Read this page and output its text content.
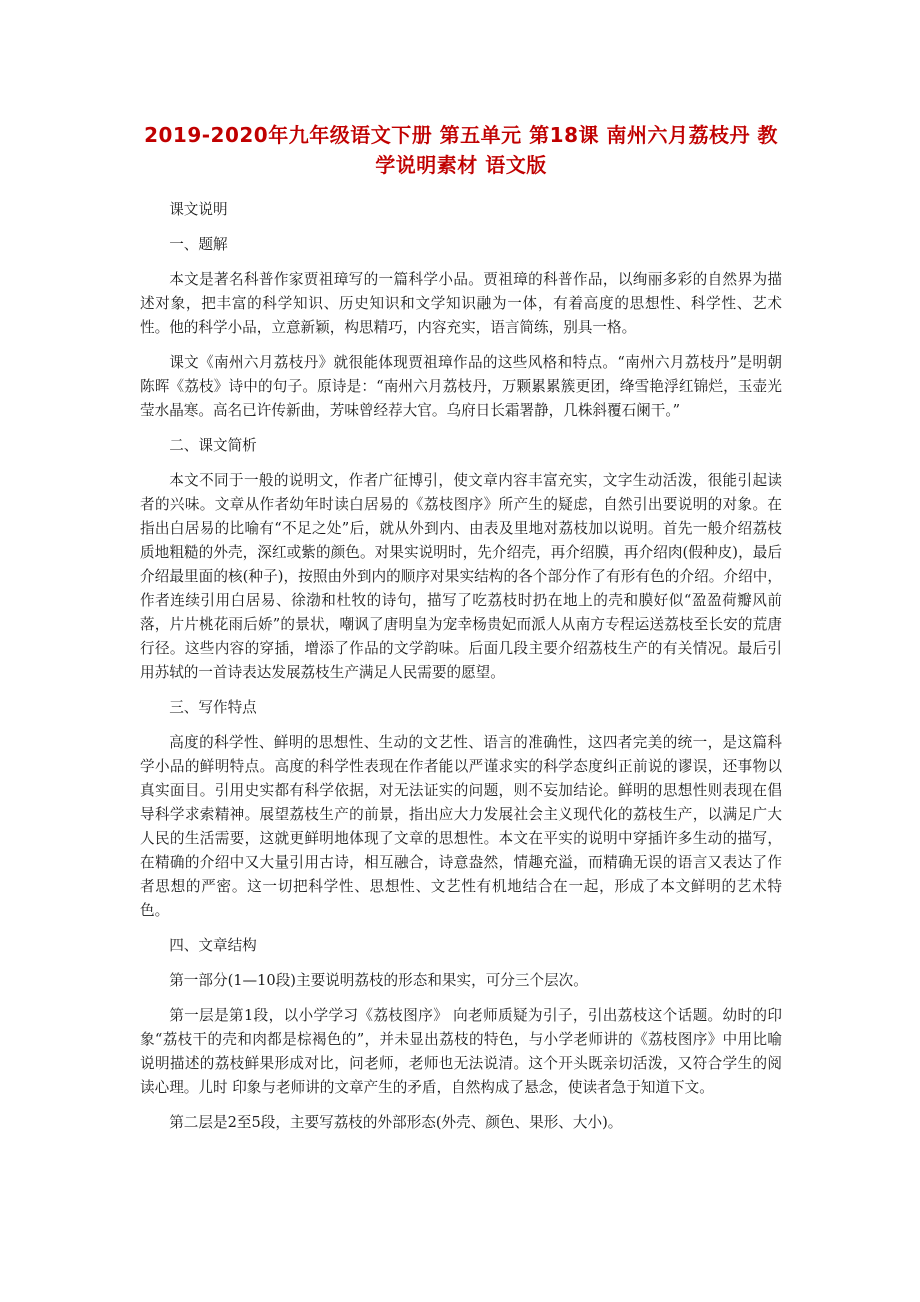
2019-2020年九年级语文下册 第五单元 第18课 南州六月荔枝丹 教学说明素材 语文版
课文说明
一、题解
本文是著名科普作家贾祖璋写的一篇科学小品。贾祖璋的科普作品，以绚丽多彩的自然界为描述对象，把丰富的科学知识、历史知识和文学知识融为一体，有着高度的思想性、科学性、艺术性。他的科学小品，立意新颖，构思精巧，内容充实，语言简练，别具一格。
课文《南州六月荔枝丹》就很能体现贾祖璋作品的这些风格和特点。“南州六月荔枝丹”是明朝陈晖《荔枝》诗中的句子。原诗是：“南州六月荔枝丹，万颗累累簇更团，绛雪艳浮红锦烂，玉壶光莹水晶寒。高名已许传新曲，芳味曾经荐大官。乌府日长霜署静，几株斜覆石阑干。”
二、课文简析
本文不同于一般的说明文，作者广征博引，使文章内容丰富充实，文字生动活泼，很能引起读者的兴味。文章从作者幼年时读白居易的《荔枝图序》所产生的疑虑，自然引出要说明的对象。在指出白居易的比喻有“不足之处”后，就从外到内、由表及里地对荔枝加以说明。首先一般介绍荔枝质地粗糙的外壳，深红或紫的颜色。对果实说明时，先介绍壳，再介绍膜，再介绍肉(假种皮)，最后介绍最里面的核(种子)，按照由外到内的顺序对果实结构的各个部分作了有形有色的介绍。介绍中，作者连续引用白居易、徐渤和杜牧的诗句，描写了吃荔枝时扔在地上的壳和膜好似“盈盈荷瓣风前落，片片桃花雨后娇”的景状，嘲讽了唐明皇为宠幸杨贵妃而派人从南方专程运送荔枝至长安的荒唐行径。这些内容的穿插，增添了作品的文学韵味。后面几段主要介绍荔枝生产的有关情况。最后引用苏轼的一首诗表达发展荔枝生产满足人民需要的愿望。
三、写作特点
高度的科学性、鲜明的思想性、生动的文艺性、语言的准确性，这四者完美的统一，是这篇科学小品的鲜明特点。高度的科学性表现在作者能以严谨求实的科学态度纠正前说的谬误，还事物以真实面目。引用史实都有科学依据，对无法证实的问题，则不妄加结论。鲜明的思想性则表现在倡导科学求索精神。展望荔枝生产的前景，指出应大力发展社会主义现代化的荔枝生产，以满足广大人民的生活需要，这就更鲜明地体现了文章的思想性。本文在平实的说明中穿插许多生动的描写，在精确的介绍中又大量引用古诗，相互融合，诗意盎然，情趣充溢，而精确无误的语言又表达了作者思想的严密。这一切把科学性、思想性、文艺性有机地结合在一起，形成了本文鲜明的艺术特色。
四、文章结构
第一部分(1—10段)主要说明荔枝的形态和果实，可分三个层次。
第一层是第1段，以小学学习《荔枝图序》 向老师质疑为引子，引出荔枝这个话题。幼时的印象“荔枝干的壳和肉都是棕褐色的”，并未显出荔枝的特色，与小学老师讲的《荔枝图序》中用比喻说明描述的荔枝鲜果形成对比，问老师，老师也无法说清。这个开头既亲切活泼，又符合学生的阅读心理。儿时 印象与老师讲的文章产生的矛盾，自然构成了悬念，使读者急于知道下文。
第二层是2至5段，主要写荔枝的外部形态(外壳、颜色、果形、大小)。
